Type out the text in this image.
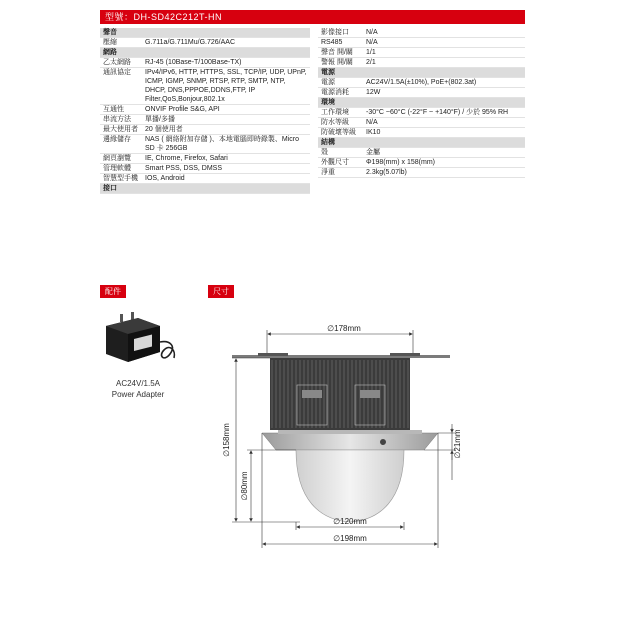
型號：DH-SD42C212T-HN
聲音
壓縮	G.711a/G.711Mu/G.726/AAC
網路
乙太網路	RJ-45 (10Base-T/100Base-TX)
通訊協定	IPv4/IPv6, HTTP, HTTPS, SSL, TCP/IP, UDP, UPnP, ICMP, IGMP, SNMP, RTSP, RTP, SMTP, NTP, DHCP, DNS,PPPOE,DDNS,FTP, IP Filter,QoS,Bonjour,802.1x
互通性	ONVIF Profile S&G, API
串流方法	單播/多播
最大使用者	20 個使用者
邊緣儲存	NAS ( 網絡附加存儲 )、本地電腦即時錄製、Micro SD 卡 256GB
網頁瀏覽	IE, Chrome, Firefox, Safari
管理軟體	Smart PSS, DSS, DMSS
智慧型手機	IOS, Android
接口
影像接口	N/A
RS485	N/A
聲音 開/關	1/1
警報 開/關	2/1
電源
電源	AC24V/1.5A(±10%), PoE+(802.3at)
電源消耗	12W
環境
工作環境	-30°C ~60°C (-22°F ~ +140°F) / 少於 95% RH
防水等級	N/A
防破壞等級	IK10
結構
殼	金屬
外觀尺寸	Φ198(mm) x 158(mm)
淨重	2.3kg(5.07lb)
配件
AC24V/1.5A
Power Adapter
尺寸
∅178mm
∅158mm
∅80mm
∅21mm
∅120mm
∅198mm
